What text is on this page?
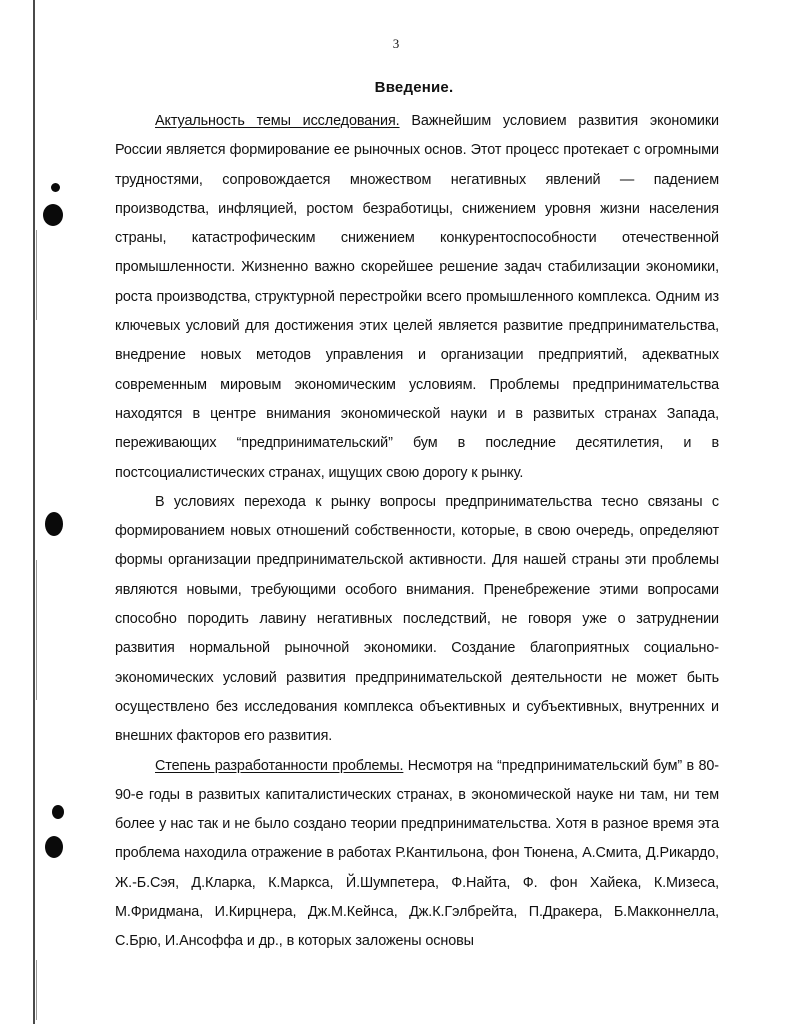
3
Введение.

Актуальность темы исследования. Важнейшим условием развития экономики России является формирование ее рыночных основ. Этот процесс протекает с огромными трудностями, сопровождается множеством негативных явлений — падением производства, инфляцией, ростом безработицы, снижением уровня жизни населения страны, катастрофическим снижением конкурентоспособности отечественной промышленности. Жизненно важно скорейшее решение задач стабилизации экономики, роста производства, структурной перестройки всего промышленного комплекса. Одним из ключевых условий для достижения этих целей является развитие предпринимательства, внедрение новых методов управления и организации предприятий, адекватных современным мировым экономическим условиям. Проблемы предпринимательства находятся в центре внимания экономической науки и в развитых странах Запада, переживающих “предпринимательский” бум в последние десятилетия, и в постсоциалистических странах, ищущих свою дорогу к рынку.

В условиях перехода к рынку вопросы предпринимательства тесно связаны с формированием новых отношений собственности, которые, в свою очередь, определяют формы организации предпринимательской активности. Для нашей страны эти проблемы являются новыми, требующими особого внимания. Пренебрежение этими вопросами способно породить лавину негативных последствий, не говоря уже о затруднении развития нормальной рыночной экономики. Создание благоприятных социально-экономических условий развития предпринимательской деятельности не может быть осуществлено без исследования комплекса объективных и субъективных, внутренних и внешних факторов его развития.

Степень разработанности проблемы. Несмотря на “предпринимательский бум” в 80-90-е годы в развитых капиталистических странах, в экономической науке ни там, ни тем более у нас так и не было создано теории предпринимательства. Хотя в разное время эта проблема находила отражение в работах Р.Кантильона, фон Тюнена, А.Смита, Д.Рикардо, Ж.-Б.Сэя, Д.Кларка, К.Маркса, Й.Шумпетера, Ф.Найта, Ф. фон Хайека, К.Мизеса, М.Фридмана, И.Кирцнера, Дж.М.Кейнса, Дж.К.Гэлбрейта, П.Дракера, Б.Макконнелла, С.Брю, И.Ансоффа и др., в которых заложены основы
